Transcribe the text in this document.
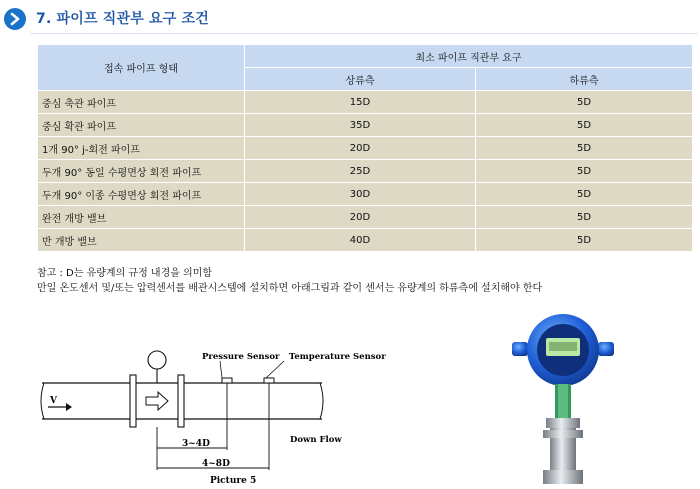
7. 파이프 직관부 요구 조건
접속 파이프 형태	최소 파이프 직관부 요구	
	상류측	하류측
중심 축관 파이프	15D	5D
중심 확관 파이프	35D	5D
1개 90° j-회전 파이프	20D	5D
두개 90° 동일 수평면상 회전 파이프	25D	5D
두개 90° 이종 수평면상 회전 파이프	30D	5D
완전 개방 밸브	20D	5D
반 개방 밸브	40D	5D
참고 : D는 유량계의 규정 내경을 의미함
만일 온도센서 및/또는 압력센서를 배관시스템에 설치하면 아래그림과 같이 센서는 유량계의 하류측에 설치해야 한다
V
Pressure Sensor Temperature Sensor
3~4D
4~8D
Down Flow
Picture 5
